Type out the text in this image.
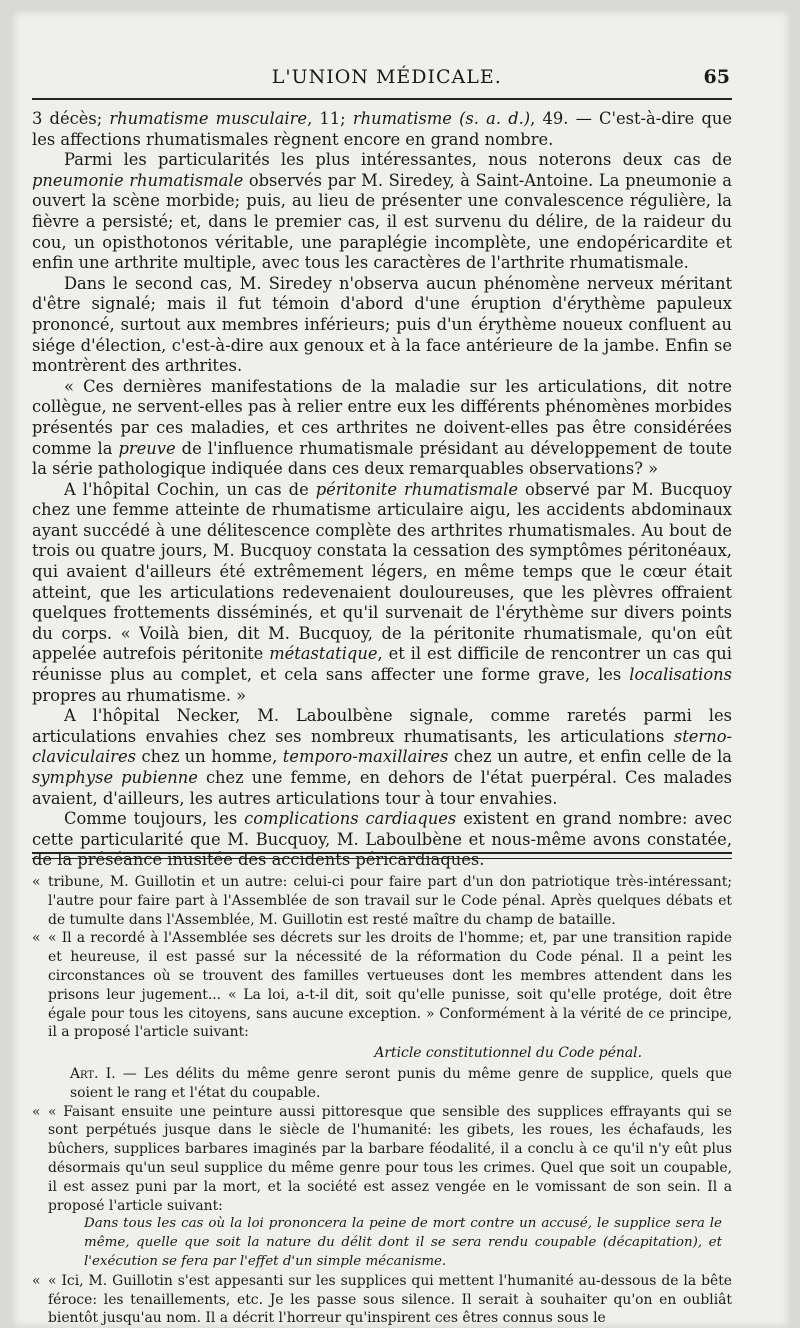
L'UNION MÉDICALE.	65

3 décès; rhumatisme musculaire, 11; rhumatisme (s. a. d.), 49. — C'est-à-dire que les affections rhumatismales règnent encore en grand nombre.

Parmi les particularités les plus intéressantes, nous noterons deux cas de pneumonie rhumatismale observés par M. Siredey, à Saint-Antoine. La pneumonie a ouvert la scène morbide; puis, au lieu de présenter une convalescence régulière, la fièvre a persisté; et, dans le premier cas, il est survenu du délire, de la raideur du cou, un opisthotonos véritable, une paraplégie incomplète, une endopéricardite et enfin une arthrite multiple, avec tous les caractères de l'arthrite rhumatismale.

Dans le second cas, M. Siredey n'observa aucun phénomène nerveux méritant d'être signalé; mais il fut témoin d'abord d'une éruption d'érythème papuleux prononcé, surtout aux membres inférieurs; puis d'un érythème noueux confluent au siége d'élection, c'est-à-dire aux genoux et à la face antérieure de la jambe. Enfin se montrèrent des arthrites.

« Ces dernières manifestations de la maladie sur les articulations, dit notre collègue, ne servent-elles pas à relier entre eux les différents phénomènes morbides présentés par ces maladies, et ces arthrites ne doivent-elles pas être considérées comme la preuve de l'influence rhumatismale présidant au développement de toute la série pathologique indiquée dans ces deux remarquables observations? »

A l'hôpital Cochin, un cas de péritonite rhumatismale observé par M. Bucquoy chez une femme atteinte de rhumatisme articulaire aigu, les accidents abdominaux ayant succédé à une délitescence complète des arthrites rhumatismales. Au bout de trois ou quatre jours, M. Bucquoy constata la cessation des symptômes péritonéaux, qui avaient d'ailleurs été extrêmement légers, en même temps que le cœur était atteint, que les articulations redevenaient douloureuses, que les plèvres offraient quelques frottements disséminés, et qu'il survenait de l'érythème sur divers points du corps. « Voilà bien, dit M. Bucquoy, de la péritonite rhumatismale, qu'on eût appelée autrefois péritonite métastatique, et il est difficile de rencontrer un cas qui réunisse plus au complet, et cela sans affecter une forme grave, les localisations propres au rhumatisme. »

A l'hôpital Necker, M. Laboulbène signale, comme raretés parmi les articulations envahies chez ses nombreux rhumatisants, les articulations sterno-claviculaires chez un homme, temporo-maxillaires chez un autre, et enfin celle de la symphyse pubienne chez une femme, en dehors de l'état puerpéral. Ces malades avaient, d'ailleurs, les autres articulations tour à tour envahies.

Comme toujours, les complications cardiaques existent en grand nombre: avec cette particularité que M. Bucquoy, M. Laboulbène et nous-même avons constatée, de la préséance inusitée des accidents péricardiaques.

« tribune, M. Guillotin et un autre: celui-ci pour faire part d'un don patriotique très-intéressant; l'autre pour faire part à l'Assemblée de son travail sur le Code pénal. Après quelques débats et de tumulte dans l'Assemblée, M. Guillotin est resté maître du champ de bataille.
« « Il a recordé à l'Assemblée ses décrets sur les droits de l'homme; et, par une transition rapide et heureuse, il est passé sur la nécessité de la réformation du Code pénal. Il a peint les circonstances où se trouvent des familles vertueuses dont les membres attendent dans les prisons leur jugement... « La loi, a-t-il dit, soit qu'elle punisse, soit qu'elle protége, doit être égale pour tous les citoyens, sans aucune exception. » Conformément à la vérité de ce principe, il a proposé l'article suivant:

Article constitutionnel du Code pénal.

Art. I. — Les délits du même genre seront punis du même genre de supplice, quels que soient le rang et l'état du coupable.

« « Faisant ensuite une peinture aussi pittoresque que sensible des supplices effrayants qui se sont perpétués jusque dans le siècle de l'humanité: les gibets, les roues, les échafauds, les bûchers, supplices barbares imaginés par la barbare féodalité, il a conclu à ce qu'il n'y eût plus désormais qu'un seul supplice du même genre pour tous les crimes. Quel que soit un coupable, il est assez puni par la mort, et la société est assez vengée en le vomissant de son sein. Il a proposé l'article suivant:

Dans tous les cas où la loi prononcera la peine de mort contre un accusé, le supplice sera le même, quelle que soit la nature du délit dont il se sera rendu coupable (décapitation), et l'exécution se fera par l'effet d'un simple mécanisme.

« « Ici, M. Guillotin s'est appesanti sur les supplices qui mettent l'humanité au-dessous de la bête féroce: les tenaillements, etc. Je les passe sous silence. Il serait à souhaiter qu'on en oubliât bientôt jusqu'au nom. Il a décrit l'horreur qu'inspirent ces êtres connus sous le
